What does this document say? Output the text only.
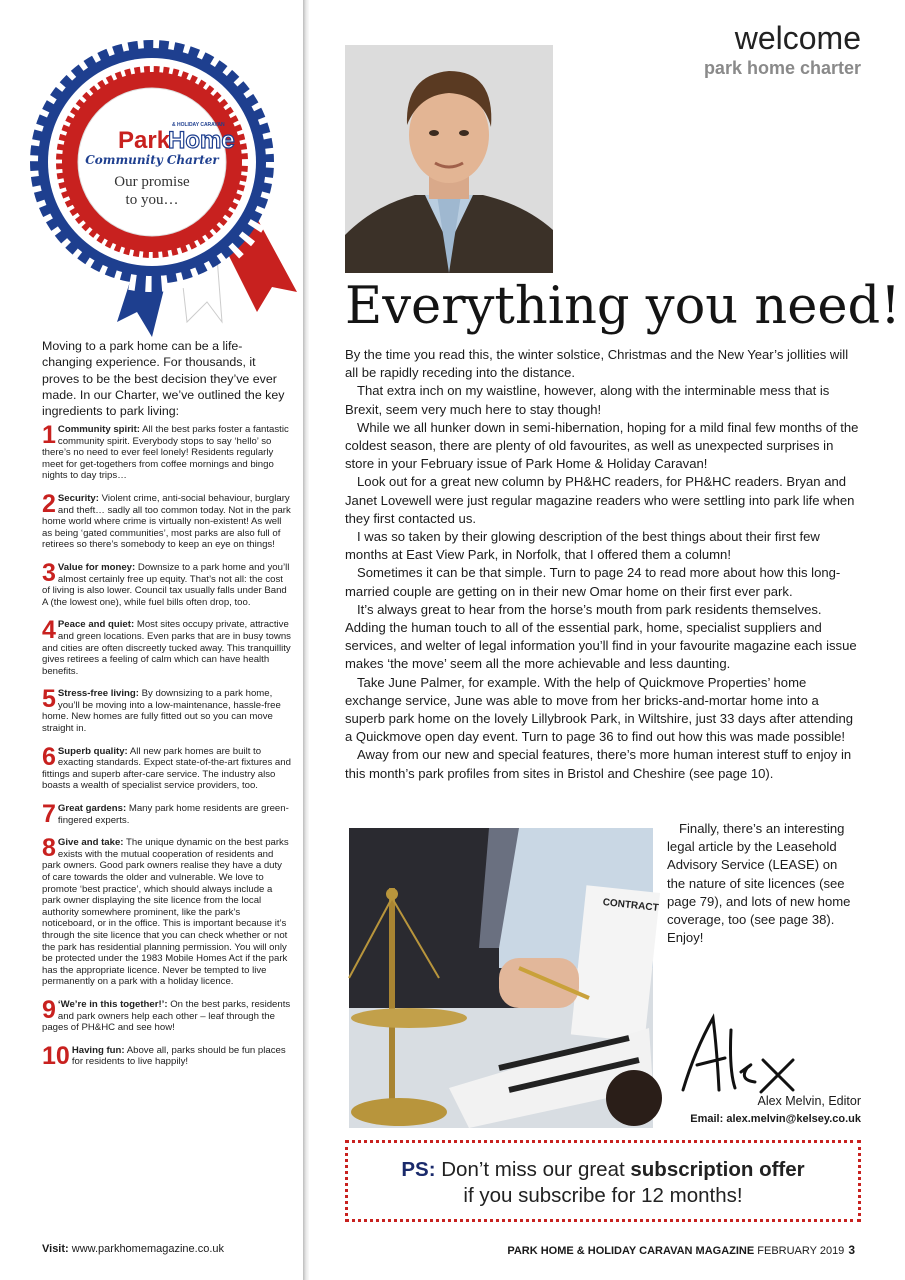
Park
Home
& HOLIDAY CARAVAN
Community Charter
Our promise
to you…
Moving to a park home can be a life-changing experience. For thousands, it proves to be the best decision they’ve ever made. In our Charter, we’ve outlined the key ingredients to park living:
1 Community spirit: All the best parks foster a fantastic community spirit. Everybody stops to say ‘hello’ so there’s no need to ever feel lonely! Residents regularly meet for get-togethers from coffee mornings and bingo nights to day trips…
2 Security: Violent crime, anti-social behaviour, burglary and theft… sadly all too common today. Not in the park home world where crime is virtually non-existent! As well as being ‘gated communities’, most parks are also full of retirees so there’s somebody to keep an eye on things!
3 Value for money: Downsize to a park home and you’ll almost certainly free up equity. That’s not all: the cost of living is also lower. Council tax usually falls under Band A (the lowest one), while fuel bills often drop, too.
4 Peace and quiet: Most sites occupy private, attractive and green locations. Even parks that are in busy towns and cities are often discreetly tucked away. This tranquillity gives retirees a feeling of calm which can have health benefits.
5 Stress-free living: By downsizing to a park home, you’ll be moving into a low-maintenance, hassle-free home. New homes are fully fitted out so you can move straight in.
6 Superb quality: All new park homes are built to exacting standards. Expect state-of-the-art fixtures and fittings and superb after-care service. The industry also boasts a wealth of specialist service providers, too.
7 Great gardens: Many park home residents are green-fingered experts.
8 Give and take: The unique dynamic on the best parks exists with the mutual cooperation of residents and park owners. Good park owners realise they have a duty of care towards the older and vulnerable. We love to promote ‘best practice’, which should always include a park owner displaying the site licence from the local authority somewhere prominent, like the park’s noticeboard, or in the office. This is important because it’s through the site licence that you can check whether or not the park has residential planning permission. You will only be protected under the 1983 Mobile Homes Act if the park has the appropriate licence. Never be tempted to live permanently on a park with a holiday licence.
9 ‘We’re in this together!’: On the best parks, residents and park owners help each other – leaf through the pages of PH&HC and see how!
10 Having fun: Above all, parks should be fun places for residents to live happily!
Visit: www.parkhomemagazine.co.uk
welcome
park home charter
Everything you need!

By the time you read this, the winter solstice, Christmas and the New Year’s jollities will all be rapidly receding into the distance.

That extra inch on my waistline, however, along with the interminable mess that is Brexit, seem very much here to stay though!

While we all hunker down in semi-hibernation, hoping for a mild final few months of the coldest season, there are plenty of old favourites, as well as unexpected surprises in store in your February issue of Park Home & Holiday Caravan!

Look out for a great new column by PH&HC readers, for PH&HC readers. Bryan and Janet Lovewell were just regular magazine readers who were settling into park life when they first contacted us.

I was so taken by their glowing description of the best things about their first few months at East View Park, in Norfolk, that I offered them a column!

Sometimes it can be that simple. Turn to page 24 to read more about how this long-married couple are getting on in their new Omar home on their first ever park.

It’s always great to hear from the horse’s mouth from park residents themselves. Adding the human touch to all of the essential park, home, specialist suppliers and services, and welter of legal information you’ll find in your favourite magazine each issue makes ‘the move’ seem all the more achievable and less daunting.

Take June Palmer, for example. With the help of Quickmove Properties’ home exchange service, June was able to move from her bricks-and-mortar home into a superb park home on the lovely Lillybrook Park, in Wiltshire, just 33 days after attending a Quickmove open day event. Turn to page 36 to find out how this was made possible!

Away from our new and special features, there’s more human interest stuff to enjoy in this month’s park profiles from sites in Bristol and Cheshire (see page 10).

CONTRACT

Finally, there’s an interesting legal article by the Leasehold Advisory Service (LEASE) on the nature of site licences (see page 79), and lots of new home coverage, too (see page 38). Enjoy!

Alex
Alex Melvin, Editor
Email: alex.melvin@kelsey.co.uk
PS: Don’t miss our great subscription offer
if you subscribe for 12 months!
PARK HOME & HOLIDAY CARAVAN MAGAZINE FEBRUARY 2019 3
